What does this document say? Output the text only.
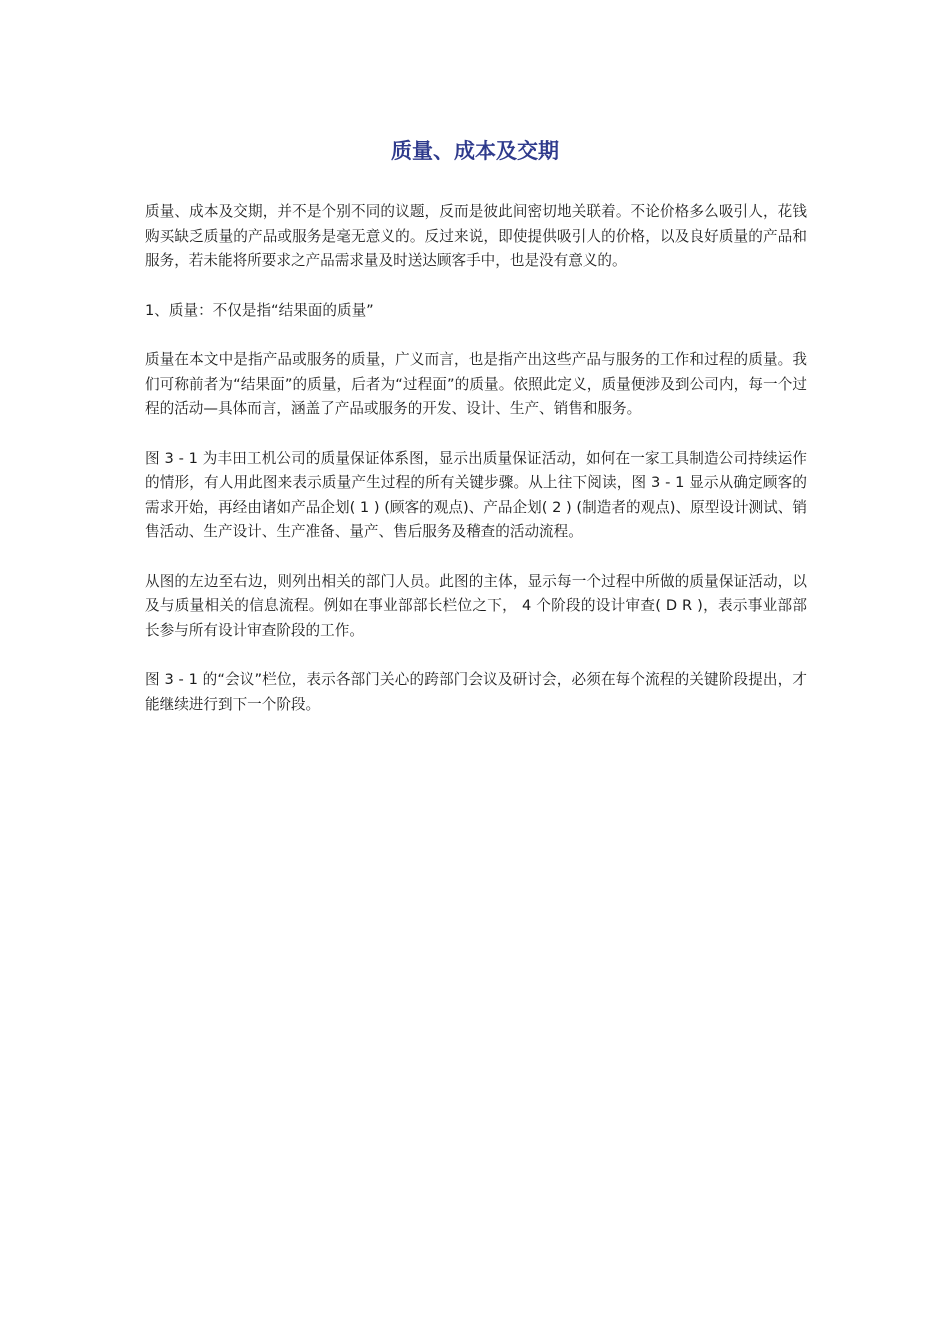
质量、成本及交期

质量、成本及交期，并不是个别不同的议题，反而是彼此间密切地关联着。不论价格多么吸引人，花钱购买缺乏质量的产品或服务是毫无意义的。反过来说，即使提供吸引人的价格，以及良好质量的产品和服务，若未能将所要求之产品需求量及时送达顾客手中，也是没有意义的。

1、质量：不仅是指“结果面的质量”

质量在本文中是指产品或服务的质量，广义而言，也是指产出这些产品与服务的工作和过程的质量。我们可称前者为“结果面”的质量，后者为“过程面”的质量。依照此定义，质量便涉及到公司内，每一个过程的活动—具体而言，涵盖了产品或服务的开发、设计、生产、销售和服务。

图 3 - 1 为丰田工机公司的质量保证体系图，显示出质量保证活动，如何在一家工具制造公司持续运作的情形，有人用此图来表示质量产生过程的所有关键步骤。从上往下阅读，图 3 - 1 显示从确定顾客的需求开始，再经由诸如产品企划( 1 ) (顾客的观点)、产品企划( 2 ) (制造者的观点)、原型设计测试、销售活动、生产设计、生产准备、量产、售后服务及稽查的活动流程。

从图的左边至右边，则列出相关的部门人员。此图的主体，显示每一个过程中所做的质量保证活动，以及与质量相关的信息流程。例如在事业部部长栏位之下， 4 个阶段的设计审查( D R )，表示事业部部长参与所有设计审查阶段的工作。

图 3 - 1 的“会议”栏位，表示各部门关心的跨部门会议及研讨会，必须在每个流程的关键阶段提出，才能继续进行到下一个阶段。
